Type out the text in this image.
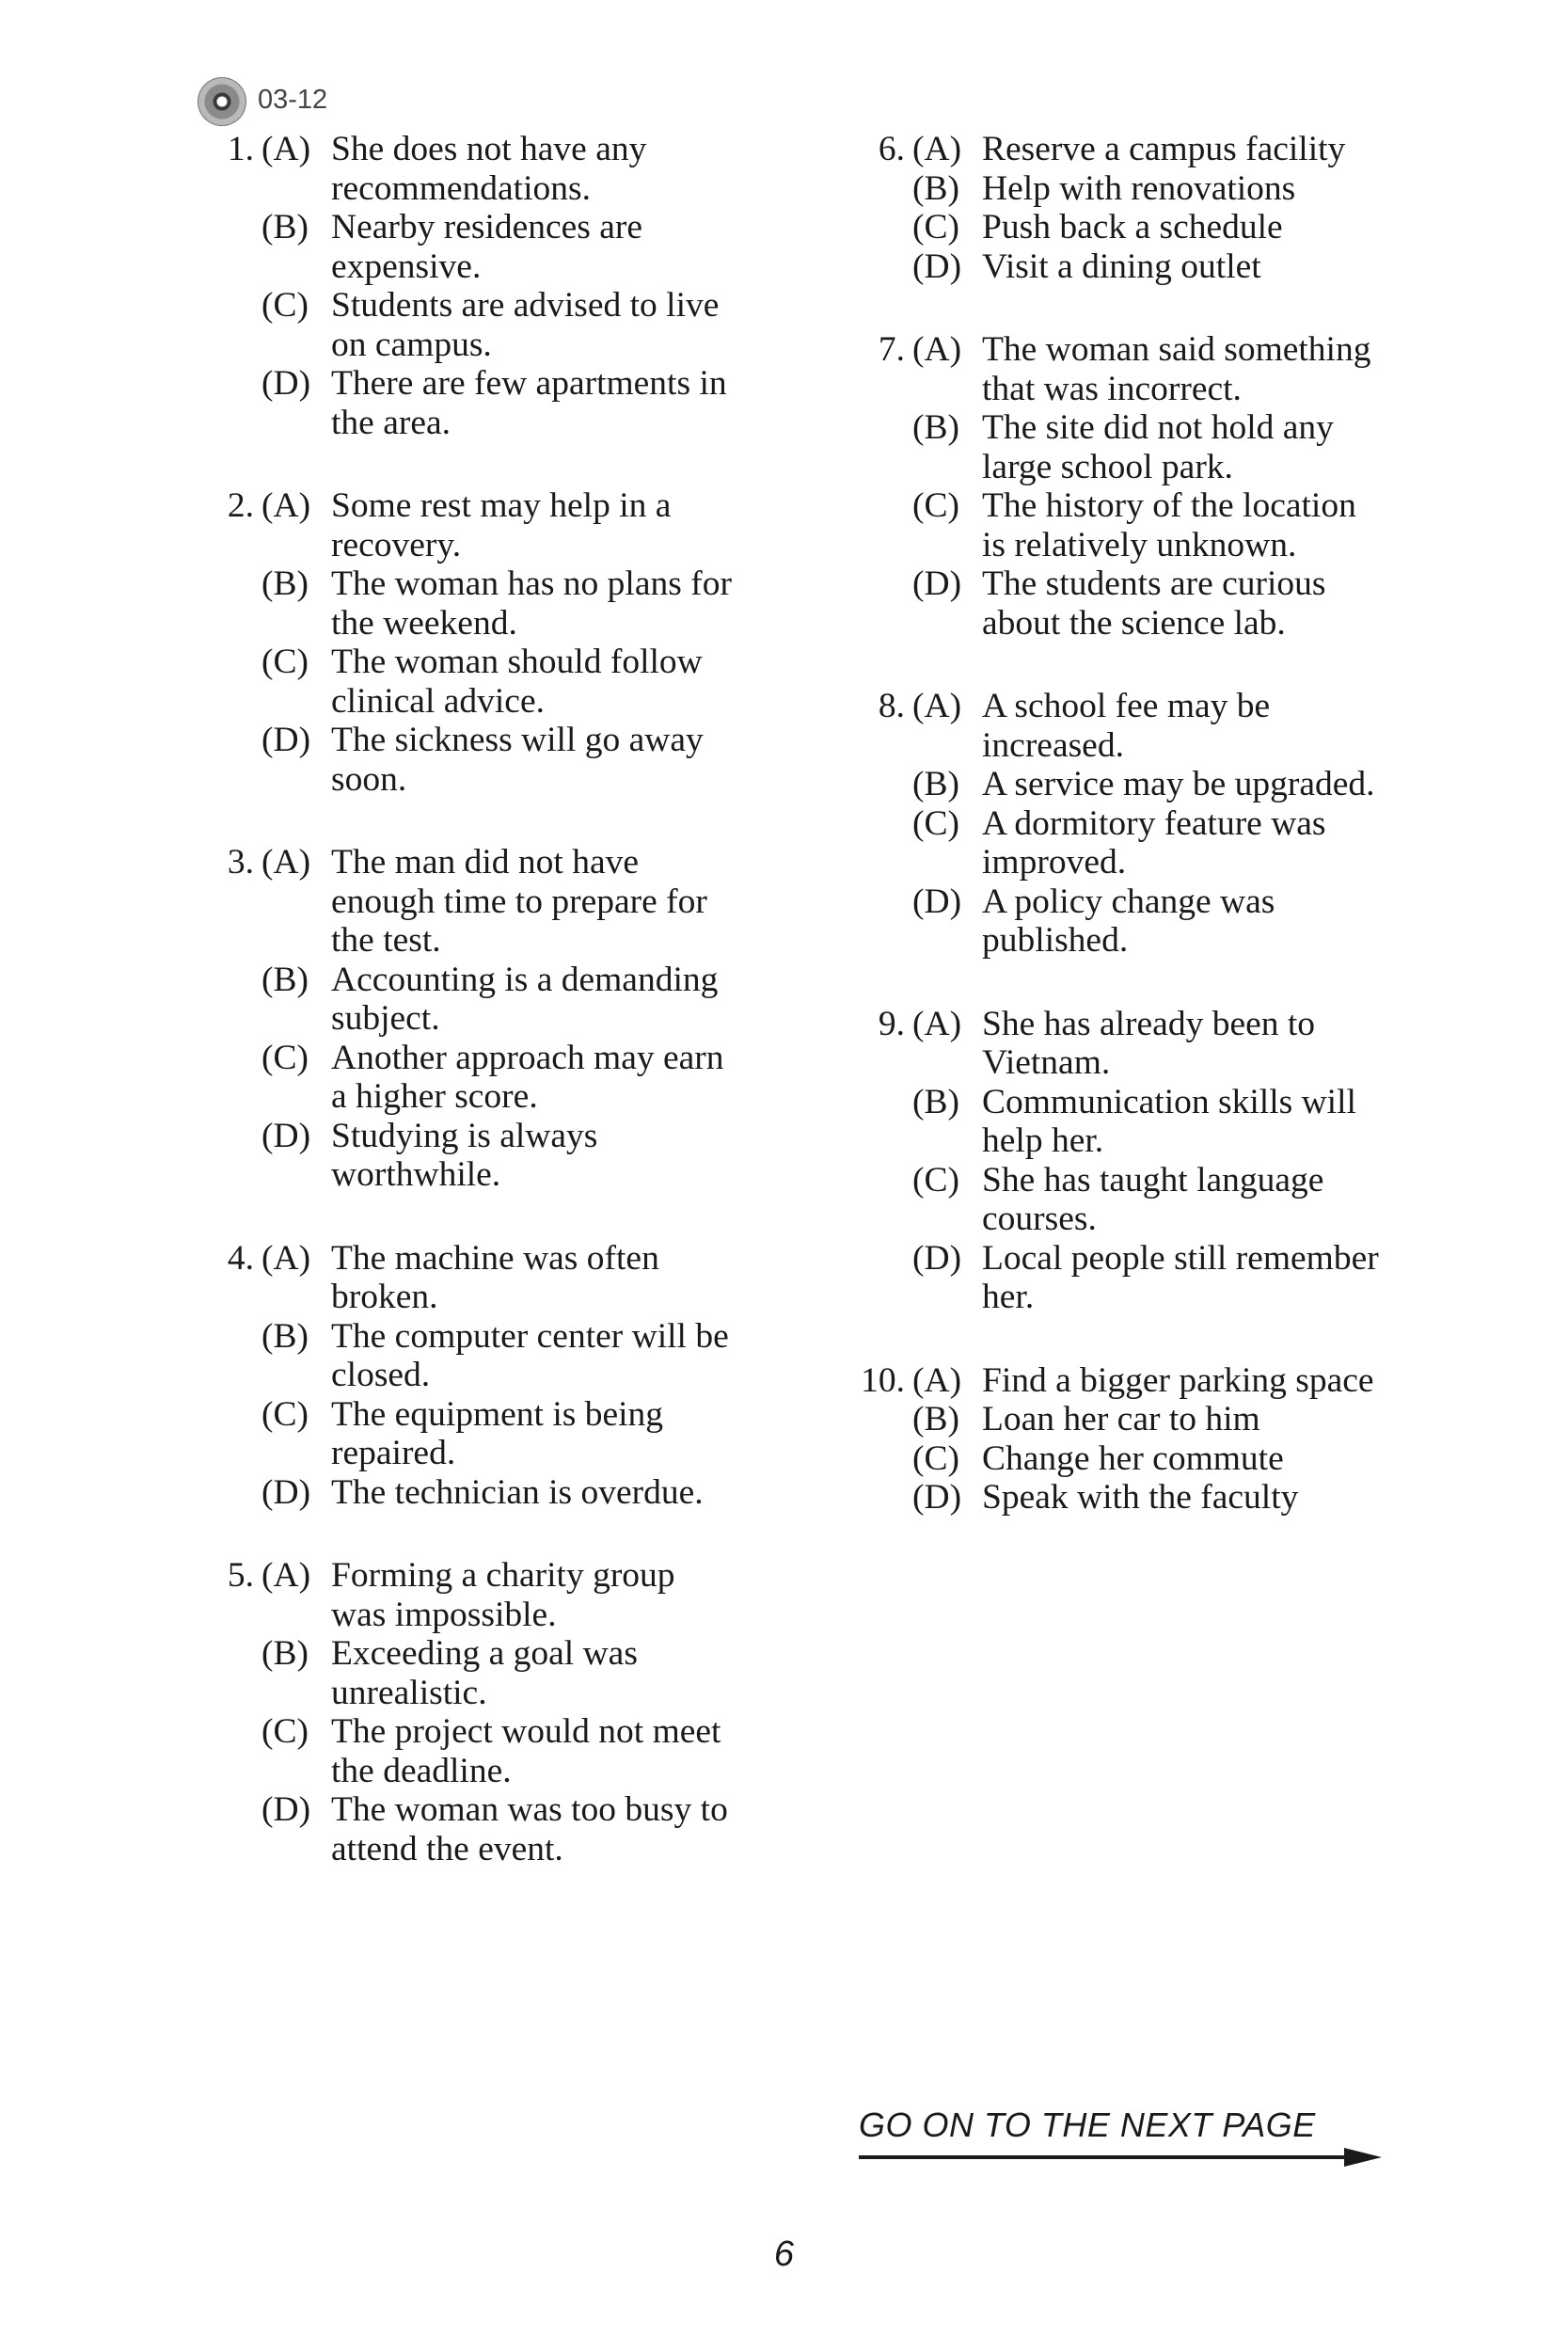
03-12
1. (A) She does not have any recommendations.
(B) Nearby residences are expensive.
(C) Students are advised to live on campus.
(D) There are few apartments in the area.
2. (A) Some rest may help in a recovery.
(B) The woman has no plans for the weekend.
(C) The woman should follow clinical advice.
(D) The sickness will go away soon.
3. (A) The man did not have enough time to prepare for the test.
(B) Accounting is a demanding subject.
(C) Another approach may earn a higher score.
(D) Studying is always worthwhile.
4. (A) The machine was often broken.
(B) The computer center will be closed.
(C) The equipment is being repaired.
(D) The technician is overdue.
5. (A) Forming a charity group was impossible.
(B) Exceeding a goal was unrealistic.
(C) The project would not meet the deadline.
(D) The woman was too busy to attend the event.
6. (A) Reserve a campus facility
(B) Help with renovations
(C) Push back a schedule
(D) Visit a dining outlet
7. (A) The woman said something that was incorrect.
(B) The site did not hold any large school park.
(C) The history of the location is relatively unknown.
(D) The students are curious about the science lab.
8. (A) A school fee may be increased.
(B) A service may be upgraded.
(C) A dormitory feature was improved.
(D) A policy change was published.
9. (A) She has already been to Vietnam.
(B) Communication skills will help her.
(C) She has taught language courses.
(D) Local people still remember her.
10. (A) Find a bigger parking space
(B) Loan her car to him
(C) Change her commute
(D) Speak with the faculty
GO ON TO THE NEXT PAGE
6
